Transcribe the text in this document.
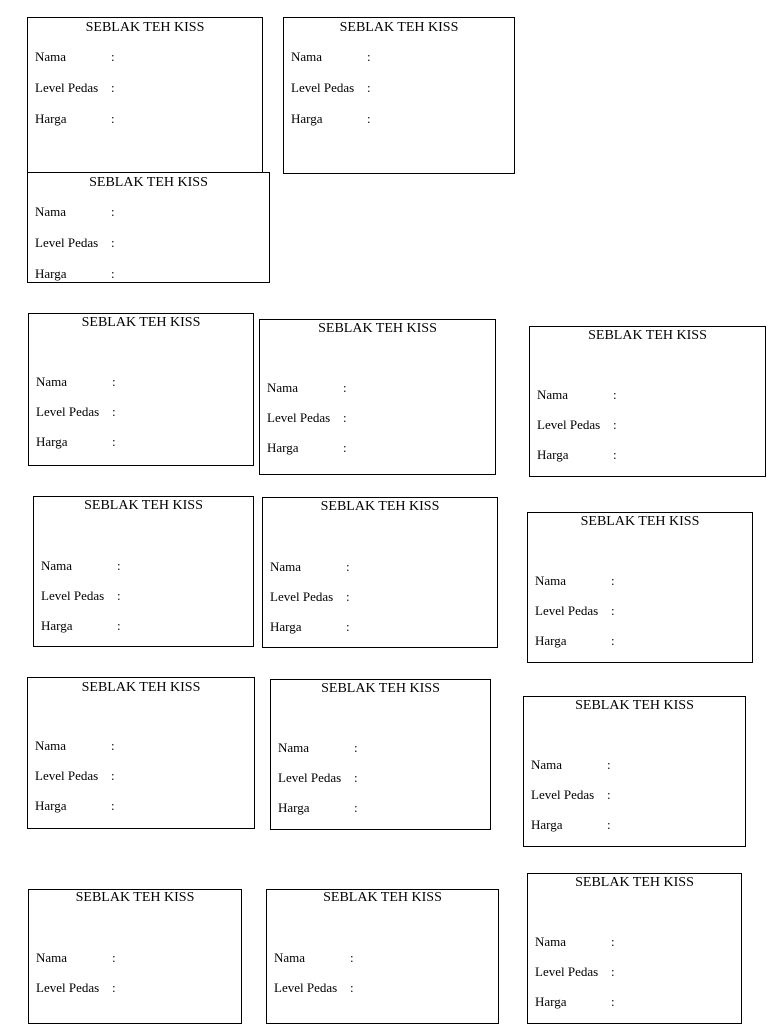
SEBLAK TEH KISS
Nama	:
Level Pedas :
Harga	:
SEBLAK TEH KISS
Nama	:
Level Pedas :
Harga	:
SEBLAK TEH KISS
Nama	:
Level Pedas :
Harga	:
SEBLAK TEH KISS
Nama	:
Level Pedas :
Harga	:
SEBLAK TEH KISS
Nama	:
Level Pedas :
Harga	:
SEBLAK TEH KISS
Nama	:
Level Pedas :
Harga	:
SEBLAK TEH KISS
Nama	:
Level Pedas :
Harga	:
SEBLAK TEH KISS
Nama	:
Level Pedas :
Harga	:
SEBLAK TEH KISS
Nama	:
Level Pedas :
Harga	:
SEBLAK TEH KISS
Nama	:
Level Pedas :
Harga	:
SEBLAK TEH KISS
Nama	:
Level Pedas :
Harga	:
SEBLAK TEH KISS
Nama	:
Level Pedas :
Harga	:
SEBLAK TEH KISS
Nama	:
Level Pedas :
SEBLAK TEH KISS
Nama	:
Level Pedas :
SEBLAK TEH KISS
Nama	:
Level Pedas :
Harga	:
